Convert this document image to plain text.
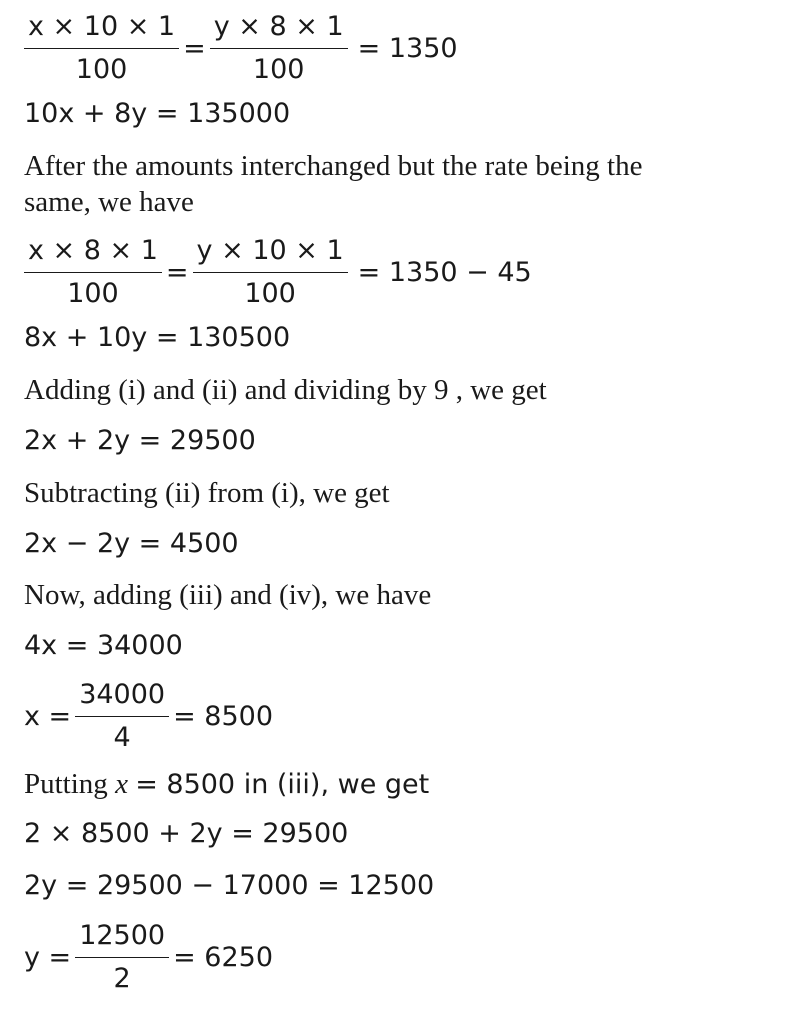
$\frac{x \times 10 \times 1}{100} = \frac{y \times 8 \times 1}{100} = 1350$
10x + 8y = 135000
After the amounts interchanged but the rate being the
same, we have
$\frac{x \times 8 \times 1}{100} = \frac{y \times 10 \times 1}{100} = 1350 - 45$
8x + 10y = 130500
Adding (i) and (ii) and dividing by 9 , we get
2x + 2y = 29500
Subtracting (ii) from (i), we get
2x − 2y = 4500
Now, adding (iii) and (iv), we have
4x = 34000
$x = \frac{34000}{4} = 8500$
Putting x = 8500 in (iii), we get
2 × 8500 + 2y = 29500
2y = 29500 − 17000 = 12500
$y = \frac{12500}{2} = 6250$
